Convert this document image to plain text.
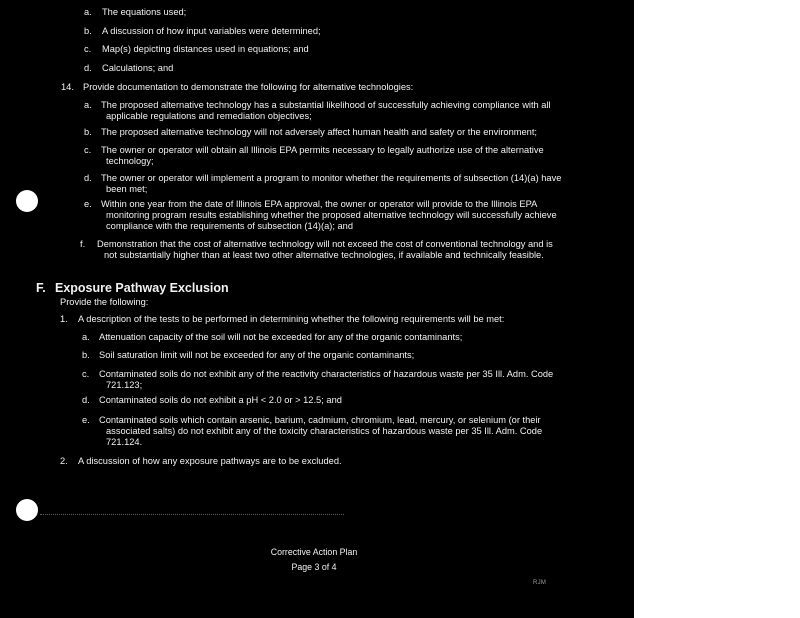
a. The equations used;
b. A discussion of how input variables were determined;
c. Map(s) depicting distances used in equations; and
d. Calculations; and
14. Provide documentation to demonstrate the following for alternative technologies:
a. The proposed alternative technology has a substantial likelihood of successfully achieving compliance with all
applicable regulations and remediation objectives;
b. The proposed alternative technology will not adversely affect human health and safety or the environment;
c. The owner or operator will obtain all Illinois EPA permits necessary to legally authorize use of the alternative
technology;
d. The owner or operator will implement a program to monitor whether the requirements of subsection (14)(a) have
been met;
e. Within one year from the date of Illinois EPA approval, the owner or operator will provide to the Illinois EPA
monitoring program results establishing whether the proposed alternative technology will successfully achieve
compliance with the requirements of subsection (14)(a); and
f. Demonstration that the cost of alternative technology will not exceed the cost of conventional technology and is
not substantially higher than at least two other alternative technologies, if available and technically feasible.
F. Exposure Pathway Exclusion
Provide the following:
1. A description of the tests to be performed in determining whether the following requirements will be met:
a. Attenuation capacity of the soil will not be exceeded for any of the organic contaminants;
b. Soil saturation limit will not be exceeded for any of the organic contaminants;
c. Contaminated soils do not exhibit any of the reactivity characteristics of hazardous waste per 35 Ill. Adm. Code
721.123;
d. Contaminated soils do not exhibit a pH < 2.0 or > 12.5; and
e. Contaminated soils which contain arsenic, barium, cadmium, chromium, lead, mercury, or selenium (or their
associated salts) do not exhibit any of the toxicity characteristics of hazardous waste per 35 Ill. Adm. Code
721.124.
2. A discussion of how any exposure pathways are to be excluded.
Corrective Action Plan
Page 3 of 4
RJM
